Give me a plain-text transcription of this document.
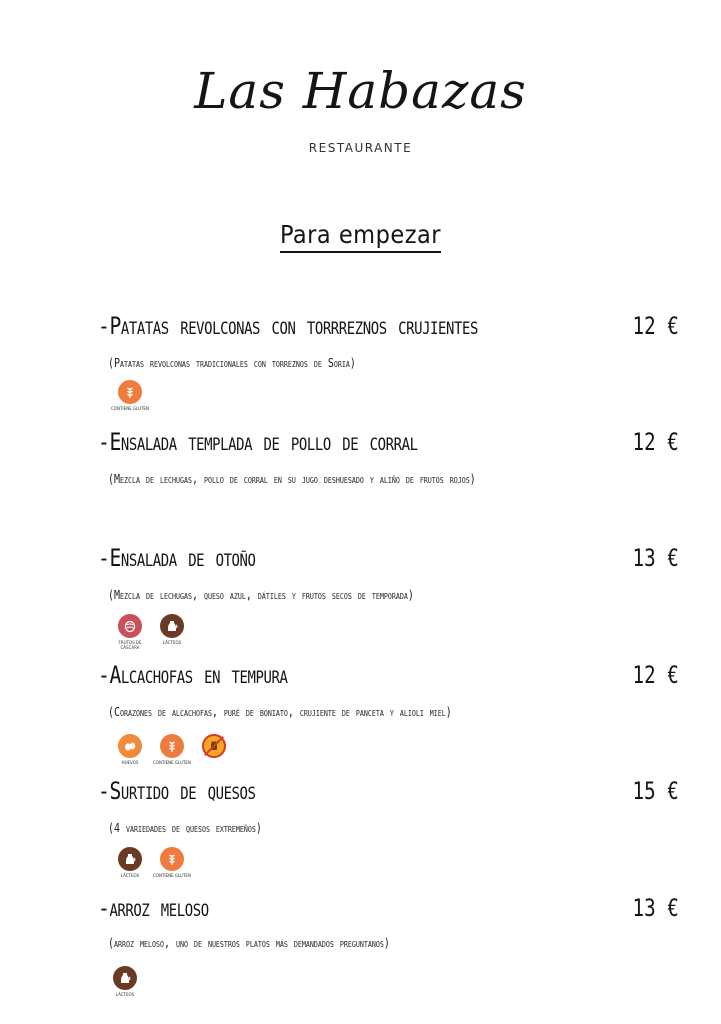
Las Habazas
RESTAURANTE
Para empezar
-Patatas revolconas con torrreznos crujientes	12 €
(Patatas revolconas tradicionales con torreznos de Soria)
-Ensalada templada de pollo de corral	12 €
(Mezcla de lechugas, pollo de corral en su jugo deshuesado y aliño de frutos rojos)
-Ensalada de otoño	13 €
(Mezcla de lechugas, queso azul, dátiles y frutos secos de temporada)
-Alcachofas en tempura	12 €
(Corazones de alcachofas, puré de boniato, crujiente de panceta y alioli miel)
-Surtido de quesos	15 €
(4 variedades de quesos extremeños)
-arroz meloso	13 €
(arroz meloso, uno de nuestros platos más demandados preguntanos)
CONTIENE GLUTEN
FRUTOS DE CÁSCARA
LÁCTEOS
HUEVOS	CONTIENE GLUTEN
LÁCTEOS	CONTIENE GLUTEN
LÁCTEOS
